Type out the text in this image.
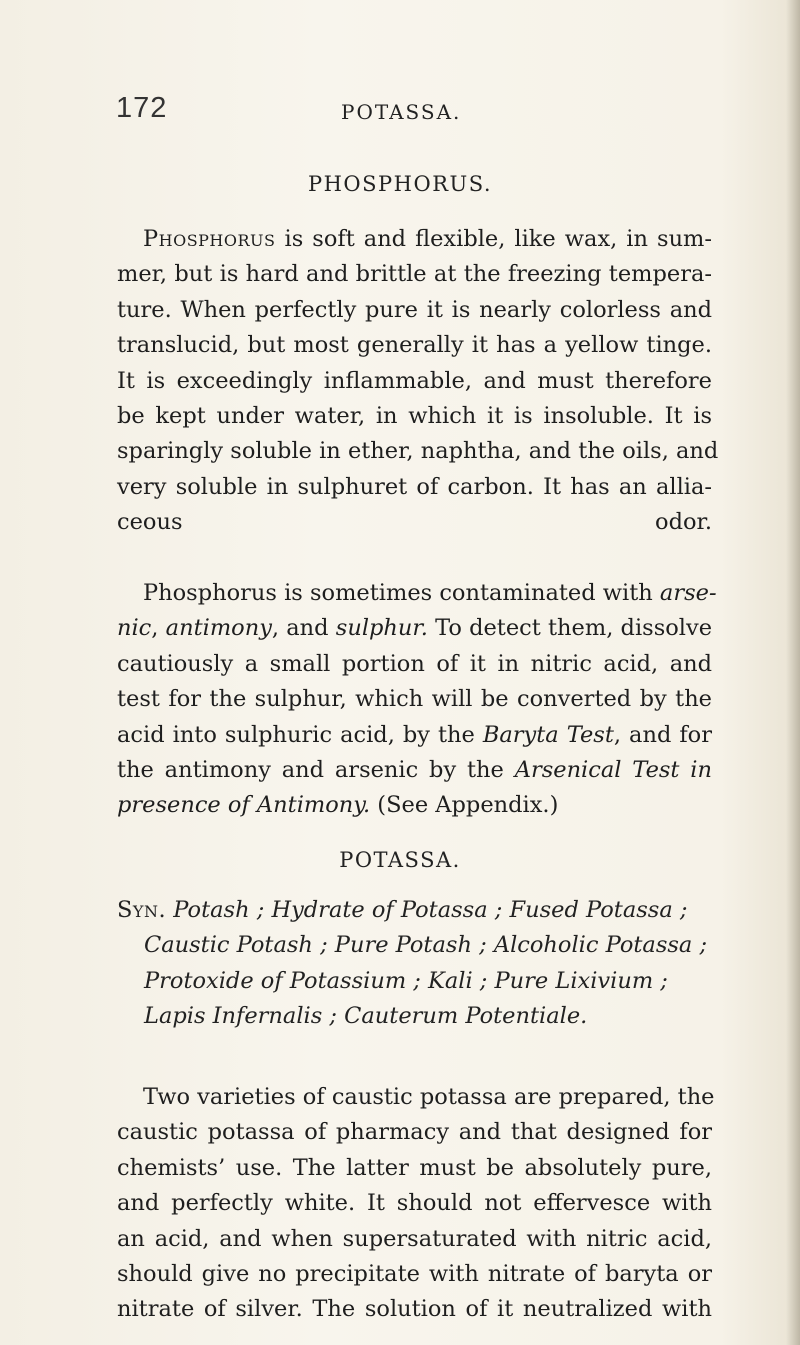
172	POTASSA.
PHOSPHORUS.
Phosphorus is soft and flexible, like wax, in sum-
mer, but is hard and brittle at the freezing tempera-
ture. When perfectly pure it is nearly colorless and
translucid, but most generally it has a yellow tinge.
It is exceedingly inflammable, and must therefore
be kept under water, in which it is insoluble. It is
sparingly soluble in ether, naphtha, and the oils, and
very soluble in sulphuret of carbon. It has an allia-
ceous odor.
Phosphorus is sometimes contaminated with arse-
nic, antimony, and sulphur. To detect them, dissolve
cautiously a small portion of it in nitric acid, and
test for the sulphur, which will be converted by the
acid into sulphuric acid, by the Baryta Test, and for
the antimony and arsenic by the Arsenical Test in
presence of Antimony. (See Appendix.)
POTASSA.
Syn. Potash ; Hydrate of Potassa ; Fused Potassa ;
Caustic Potash ; Pure Potash ; Alcoholic Potassa ;
Protoxide of Potassium ; Kali ; Pure Lixivium ;
Lapis Infernalis ; Cauterum Potentiale.
Two varieties of caustic potassa are prepared, the
caustic potassa of pharmacy and that designed for
chemists’ use. The latter must be absolutely pure,
and perfectly white. It should not effervesce with
an acid, and when supersaturated with nitric acid,
should give no precipitate with nitrate of baryta or
nitrate of silver. The solution of it neutralized with
